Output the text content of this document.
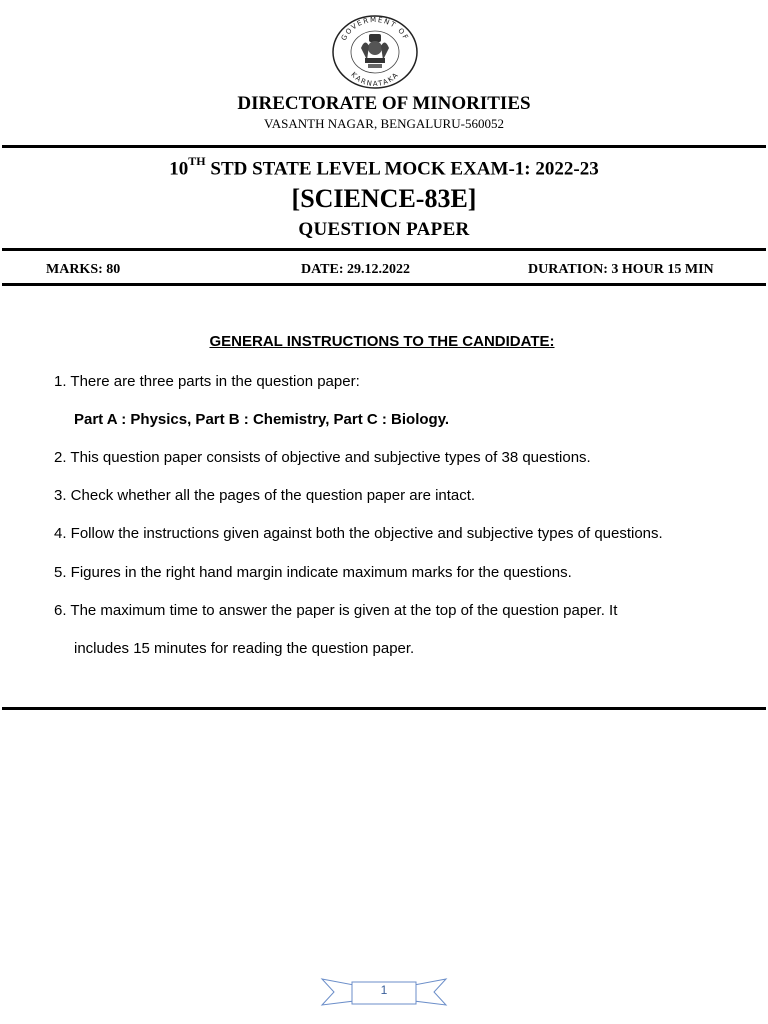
GOVERMENT OF
KARNATAKA
DIRECTORATE OF MINORITIES
VASANTH NAGAR, BENGALURU-560052
10TH STD STATE LEVEL MOCK EXAM-1: 2022-23
[SCIENCE-83E]
QUESTION PAPER
MARKS: 80	DATE: 29.12.2022	DURATION: 3 HOUR 15 MIN
GENERAL INSTRUCTIONS TO THE CANDIDATE:
1. There are three parts in the question paper:
Part A : Physics, Part B : Chemistry, Part C : Biology.
2. This question paper consists of objective and subjective types of 38 questions.
3. Check whether all the pages of the question paper are intact.
4. Follow the instructions given against both the objective and subjective types of questions.
5. Figures in the right hand margin indicate maximum marks for the questions.
6. The maximum time to answer the paper is given at the top of the question paper. It
includes 15 minutes for reading the question paper.
1
